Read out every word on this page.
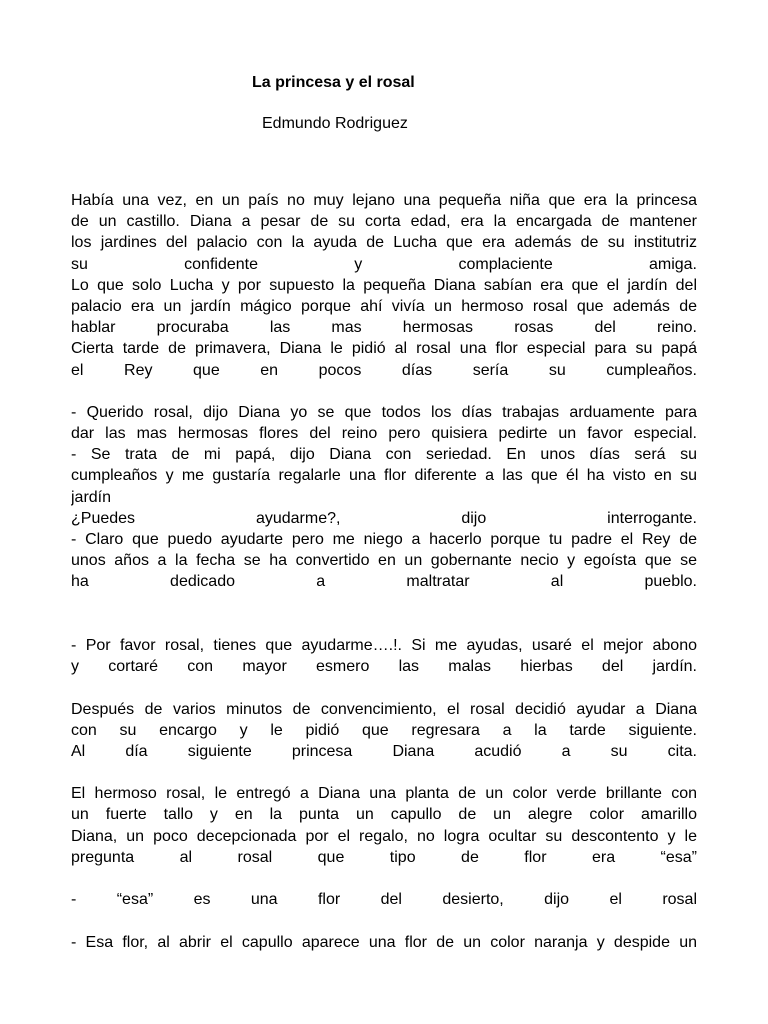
La princesa y el rosal
Edmundo Rodriguez
Había una vez, en un país no muy lejano una pequeña niña que era la princesa
de un castillo. Diana a pesar de su corta edad, era la encargada de mantener
los jardines del palacio con la ayuda de Lucha que era además de su institutriz
su confidente y complaciente amiga.
Lo que solo Lucha y por supuesto la pequeña Diana sabían era que el jardín del
palacio era un jardín mágico porque ahí vivía un hermoso rosal que además de
hablar procuraba las mas hermosas rosas del reino.
Cierta tarde de primavera, Diana le pidió al rosal una flor especial para su papá
el Rey que en pocos días sería su cumpleaños.
- Querido rosal, dijo Diana yo se que todos los días trabajas arduamente para
dar las mas hermosas flores del reino pero quisiera pedirte un favor especial.
- Se trata de mi papá, dijo Diana con seriedad. En unos días será su
cumpleaños y me gustaría regalarle una flor diferente a las que él ha visto en su
jardín
¿Puedes ayudarme?, dijo interrogante.
- Claro que puedo ayudarte pero me niego a hacerlo porque tu padre el Rey de
unos años a la fecha se ha convertido en un gobernante necio y egoísta que se
ha dedicado a maltratar al pueblo.
- Por favor rosal, tienes que ayudarme….!. Si me ayudas, usaré el mejor abono
y cortaré con mayor esmero las malas hierbas del jardín.
Después de varios minutos de convencimiento, el rosal decidió ayudar a Diana
con su encargo y le pidió que regresara a la tarde siguiente.
Al día siguiente princesa Diana acudió a su cita.
El hermoso rosal, le entregó a Diana una planta de un color verde brillante con
un fuerte tallo y en la punta un capullo de un alegre color amarillo
Diana, un poco decepcionada por el regalo, no logra ocultar su descontento y le
pregunta al rosal que tipo de flor era “esa”
- “esa” es una flor del desierto, dijo el rosal
- Esa flor, al abrir el capullo aparece una flor de un color naranja y despide un
